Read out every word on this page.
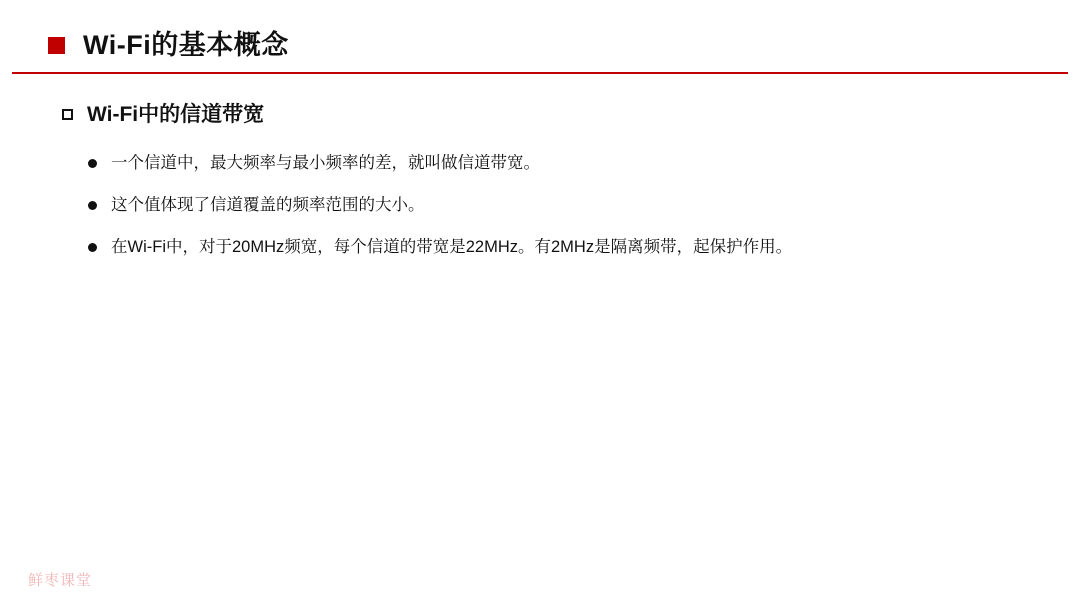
Wi-Fi的基本概念
Wi-Fi中的信道带宽
一个信道中，最大频率与最小频率的差，就叫做信道带宽。
这个值体现了信道覆盖的频率范围的大小。
在Wi-Fi中，对于20MHz频宽，每个信道的带宽是22MHz。有2MHz是隔离频带，起保护作用。
鲜枣课堂
